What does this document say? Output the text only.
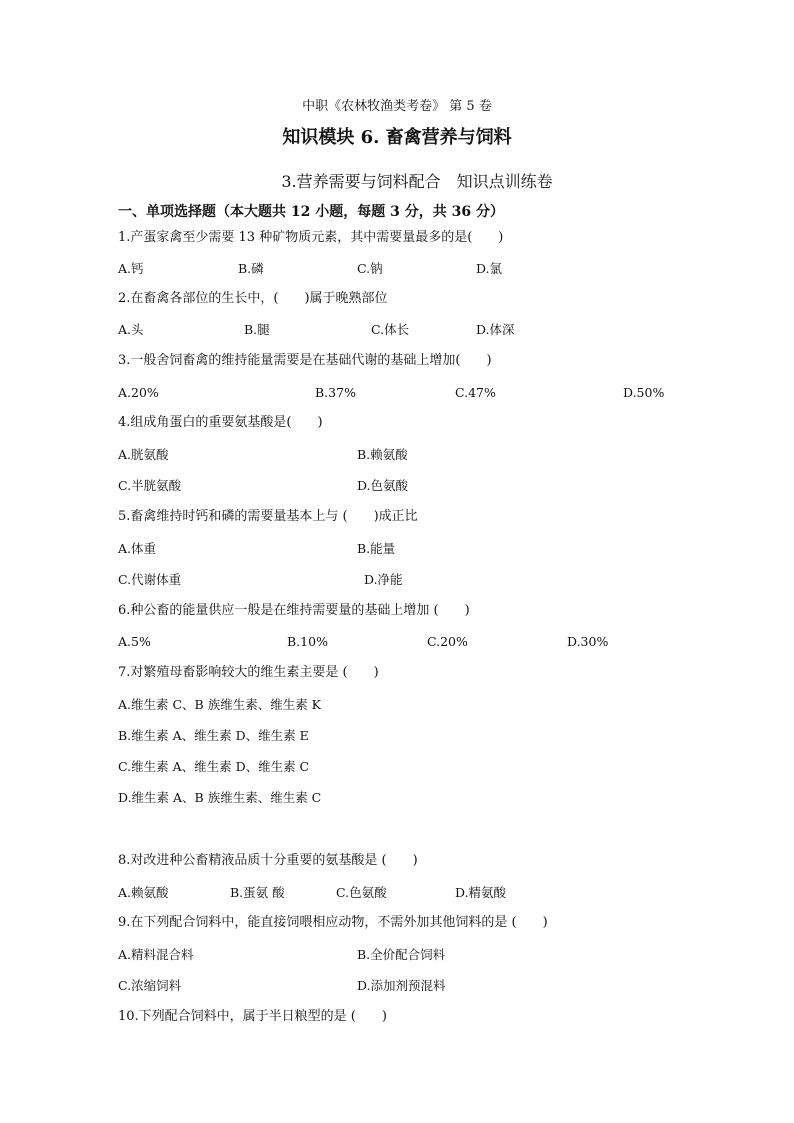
中职《农林牧渔类考卷》 第 5 卷
知识模块 6. 畜禽营养与饲料
3.营养需要与饲料配合　知识点训练卷
一、单项选择题（本大题共 12 小题，每题 3 分，共 36 分）
1.产蛋家禽至少需要 13 种矿物质元素，其中需要量最多的是(　　)
A.钙	B.磷	C.钠	D.氯
2.在畜禽各部位的生长中，(　　)属于晚熟部位
A.头	B.腿	C.体长	D.体深
3.一般舍饲畜禽的维持能量需要是在基础代谢的基础上增加(　　)
A.20%	B.37%	C.47%	D.50%
4.组成角蛋白的重要氨基酸是(　　)
A.胱氨酸	B.赖氨酸
C.半胱氨酸	D.色氨酸
5.畜禽维持时钙和磷的需要量基本上与 (　　)成正比
A.体重	B.能量
C.代谢体重	D.净能
6.种公畜的能量供应一般是在维持需要量的基础上增加 (　　)
A.5%	B.10%	C.20%	D.30%
7.对繁殖母畜影响较大的维生素主要是 (　　)
A.维生素 C、B 族维生素、维生素 K
B.维生素 A、维生素 D、维生素 E
C.维生素 A、维生素 D、维生素 C
D.维生素 A、B 族维生素、维生素 C
8.对改进种公畜精液品质十分重要的氨基酸是 (　　)
A.赖氨酸	B.蛋氨 酸	C.色氨酸	D.精氨酸
9.在下列配合饲料中，能直接饲喂相应动物，不需外加其他饲料的是 (　　)
A.精料混合料	B.全价配合饲料
C.浓缩饲料	D.添加剂预混料
10.下列配合饲料中，属于半日粮型的是 (　　)
